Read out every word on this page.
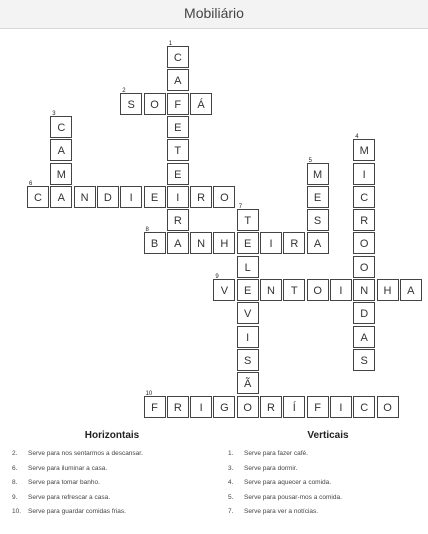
Mobiliário
C
1
A
F
E
T
E
I
R
A
S
2
O	Á
C
3
A
M
A
M
4
I
C
R
O
O
N
D
A
S
M
5
E
S
A
C
6
N	D	I	E	R	O
T
7
E
L
E
V
I
S
Ã
O
B
8
N	H	I	R
V
9
N	T	O	I	H	A
F
10
R	I	G	R	Í	F	I	C	O
Horizontais
2.	Serve para nos sentarmos a descansar.
6.	Serve para iluminar a casa.
8.	Serve para tomar banho.
9.	Serve para refrescar a casa.
10.	Serve para guardar comidas frias.
Verticais
1.	Serve para fazer café.
3.	Serve para dormir.
4.	Serve para aquecer a comida.
5.	Serve para pousar-mos a comida.
7.	Serve para ver a notícias.
